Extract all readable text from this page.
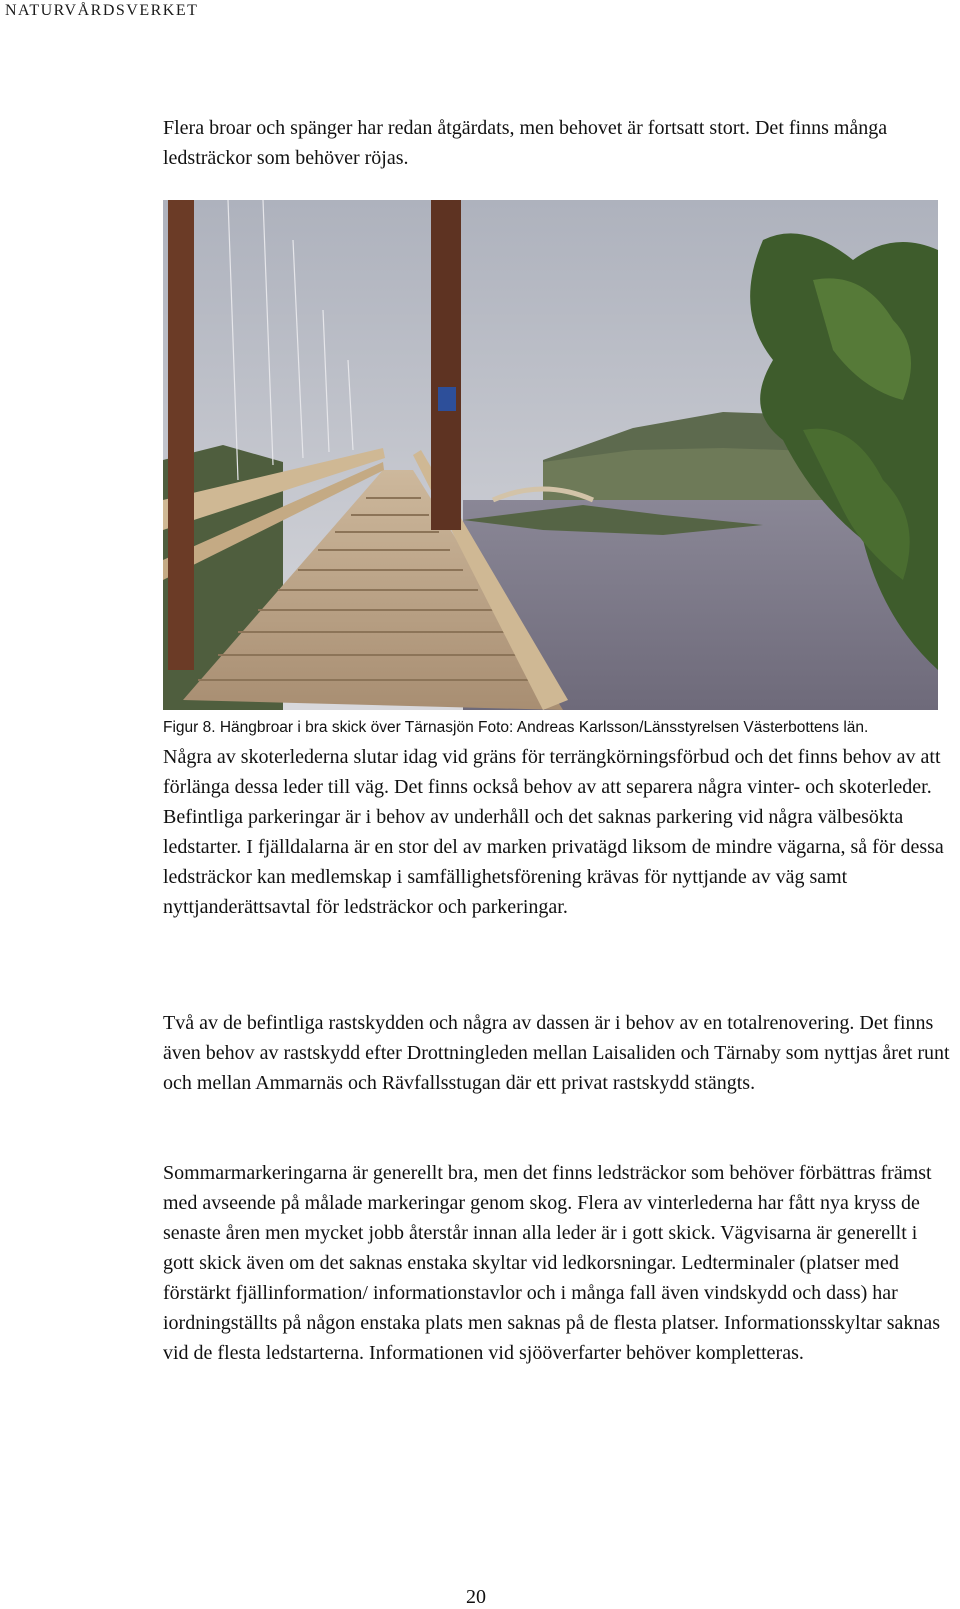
NATURVÅRDSVERKET

Flera broar och spänger har redan åtgärdats, men behovet är fortsatt stort. Det finns många ledsträckor som behöver röjas.

Figur 8. Hängbroar i bra skick över Tärnasjön Foto: Andreas Karlsson/Länsstyrelsen Västerbottens län.

Några av skoterlederna slutar idag vid gräns för terrängkörningsförbud och det finns behov av att förlänga dessa leder till väg. Det finns också behov av att separera några vinter- och skoterleder. Befintliga parkeringar är i behov av underhåll och det saknas parkering vid några välbesökta ledstarter. I fjälldalarna är en stor del av marken privatägd liksom de mindre vägarna, så för dessa ledsträckor kan medlemskap i samfällighetsförening krävas för nyttjande av väg samt nyttjanderättsavtal för ledsträckor och parkeringar.

Två av de befintliga rastskydden och några av dassen är i behov av en totalrenovering. Det finns även behov av rastskydd efter Drottningleden mellan Laisaliden och Tärnaby som nyttjas året runt och mellan Ammarnäs och Rävfallsstugan där ett privat rastskydd stängts.

Sommarmarkeringarna är generellt bra, men det finns ledsträckor som behöver förbättras främst med avseende på målade markeringar genom skog. Flera av vinterlederna har fått nya kryss de senaste åren men mycket jobb återstår innan alla leder är i gott skick. Vägvisarna är generellt i gott skick även om det saknas enstaka skyltar vid ledkorsningar. Ledterminaler (platser med förstärkt fjällinformation/ informationstavlor och i många fall även vindskydd och dass) har iordningställts på någon enstaka plats men saknas på de flesta platser. Informationsskyltar saknas vid de flesta ledstarterna. Informationen vid sjööverfarter behöver kompletteras.

20
